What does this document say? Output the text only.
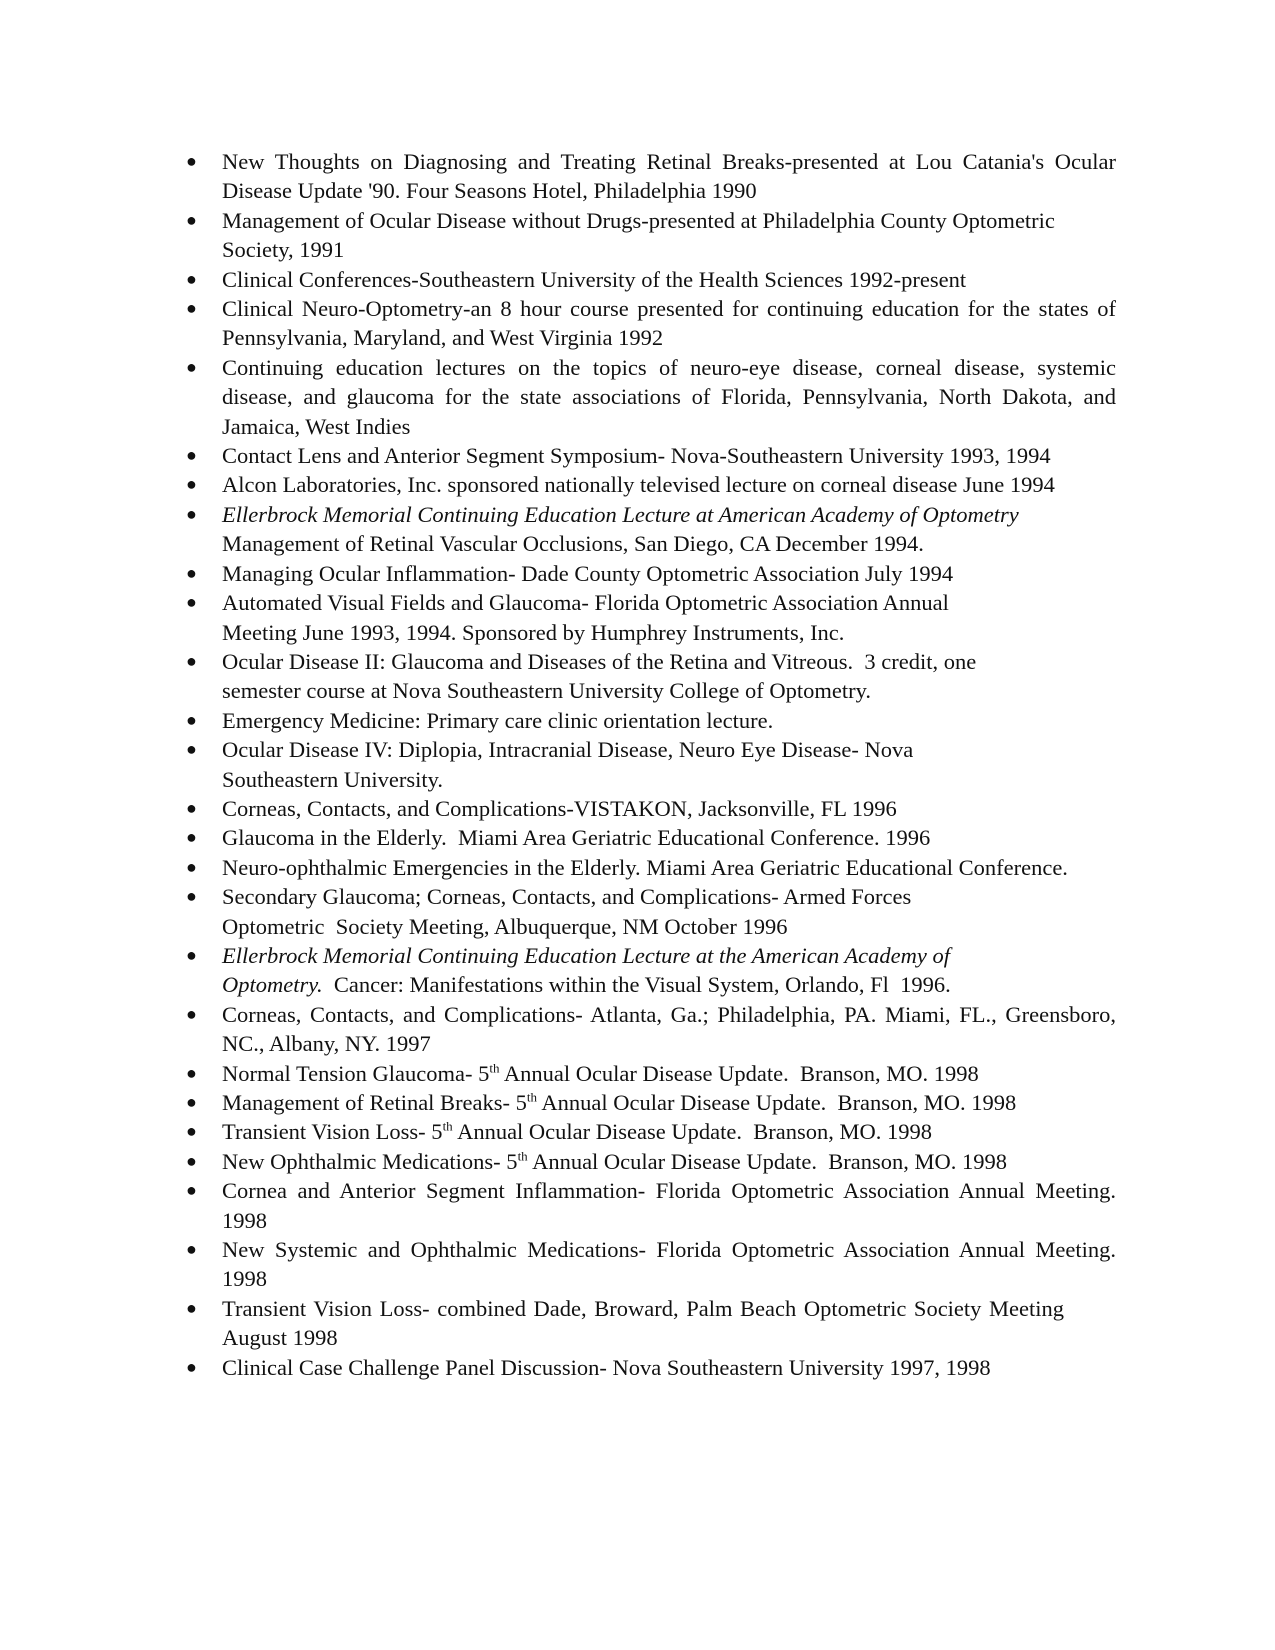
●	New Thoughts on Diagnosing and Treating Retinal Breaks-presented at Lou Catania's Ocular Disease Update '90. Four Seasons Hotel, Philadelphia 1990
●	Management of Ocular Disease without Drugs-presented at Philadelphia County Optometric Society, 1991
●	Clinical Conferences-Southeastern University of the Health Sciences 1992-present
●	Clinical Neuro-Optometry-an 8 hour course presented for continuing education for the states of Pennsylvania, Maryland, and West Virginia 1992
●	Continuing education lectures on the topics of neuro-eye disease, corneal disease, systemic disease, and glaucoma for the state associations of Florida, Pennsylvania, North Dakota, and Jamaica, West Indies
●	Contact Lens and Anterior Segment Symposium- Nova-Southeastern University 1993, 1994
●	Alcon Laboratories, Inc. sponsored nationally televised lecture on corneal disease June 1994
●	Ellerbrock Memorial Continuing Education Lecture at American Academy of Optometry
Management of Retinal Vascular Occlusions, San Diego, CA December 1994.
●	Managing Ocular Inflammation- Dade County Optometric Association July 1994
●	Automated Visual Fields and Glaucoma- Florida Optometric Association Annual
Meeting June 1993, 1994. Sponsored by Humphrey Instruments, Inc.
●	Ocular Disease II: Glaucoma and Diseases of the Retina and Vitreous.  3 credit, one
semester course at Nova Southeastern University College of Optometry.
●	Emergency Medicine: Primary care clinic orientation lecture.
●	Ocular Disease IV: Diplopia, Intracranial Disease, Neuro Eye Disease- Nova
Southeastern University.
●	Corneas, Contacts, and Complications-VISTAKON, Jacksonville, FL 1996
●	Glaucoma in the Elderly.  Miami Area Geriatric Educational Conference. 1996
●	Neuro-ophthalmic Emergencies in the Elderly. Miami Area Geriatric Educational Conference.
●	Secondary Glaucoma; Corneas, Contacts, and Complications- Armed Forces
Optometric  Society Meeting, Albuquerque, NM October 1996
●	Ellerbrock Memorial Continuing Education Lecture at the American Academy of
Optometry. Cancer: Manifestations within the Visual System, Orlando, Fl  1996.
●	Corneas, Contacts, and Complications- Atlanta, Ga.; Philadelphia, PA. Miami, FL., Greensboro, NC., Albany, NY. 1997
●	Normal Tension Glaucoma- 5th Annual Ocular Disease Update.  Branson, MO. 1998
●	Management of Retinal Breaks- 5th Annual Ocular Disease Update.  Branson, MO. 1998
●	Transient Vision Loss- 5th Annual Ocular Disease Update.  Branson, MO. 1998
●	New Ophthalmic Medications- 5th Annual Ocular Disease Update.  Branson, MO. 1998
●	Cornea and Anterior Segment Inflammation- Florida Optometric Association Annual Meeting. 1998
●	New Systemic and Ophthalmic Medications- Florida Optometric Association Annual Meeting. 1998
●	Transient Vision Loss- combined Dade, Broward, Palm Beach Optometric Society MeetingAugust 1998
●	Clinical Case Challenge Panel Discussion- Nova Southeastern University 1997, 1998
